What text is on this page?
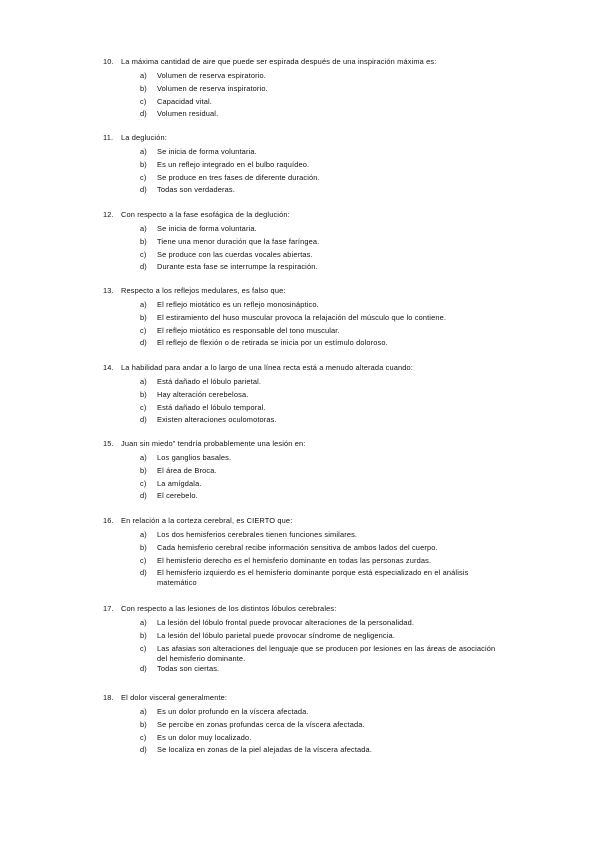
10. La máxima cantidad de aire que puede ser espirada después de una inspiración máxima es:
a)	Volumen de reserva espiratorio.
b)	Volumen de reserva inspiratorio.
c)	Capacidad vital.
d)	Volumen residual.
11.	La deglución:
a)	Se inicia de forma voluntaria.
b)	Es un reflejo integrado en el bulbo raquídeo.
c)	Se produce en tres fases de diferente duración.
d)	Todas son verdaderas.
12. Con respecto a la fase esofágica de la deglución:
a)	Se inicia de forma voluntaria.
b)	Tiene una menor duración que la fase faríngea.
c)	Se produce con las cuerdas vocales abiertas.
d)	Durante esta fase se interrumpe la respiración.
13. Respecto a los reflejos medulares, es falso que:
a)	El reflejo miotático es un reflejo monosináptico.
b)	El estiramiento del huso muscular provoca la relajación del músculo que lo contiene.
c)	El reflejo miotático es responsable del tono muscular.
d)	El reflejo de flexión o de retirada se inicia por un estímulo doloroso.
14. La habilidad para andar a lo largo de una línea recta está a menudo alterada cuando:
a)	Está dañado el lóbulo parietal.
b)	Hay alteración cerebelosa.
c)	Está dañado el lóbulo temporal.
d)	Existen alteraciones oculomotoras.
15. Juan sin miedo” tendría probablemente una lesión en:
a)	Los ganglios basales.
b)	El área de Broca.
c)	La amígdala.
d)	El cerebelo.
16. En relación a la corteza cerebral, es CIERTO que:
a)	Los dos hemisferios cerebrales tienen funciones similares.
b)	Cada hemisferio cerebral recibe información sensitiva de ambos lados del cuerpo.
c)	El hemisferio derecho es el hemisferio dominante en todas las personas zurdas.
d)	El hemisferio izquierdo es el hemisferio dominante porque está especializado en el análisis matemático
17. Con respecto a las lesiones de los distintos lóbulos cerebrales:
a)	La lesión del lóbulo frontal puede provocar alteraciones de la personalidad.
b)	La lesión del lóbulo parietal puede provocar síndrome de negligencia.
c)	Las afasias son alteraciones del lenguaje que se producen por lesiones en las áreas de asociación del hemisferio dominante.
d)	Todas son ciertas.
18. El dolor visceral generalmente:
a)	Es un dolor profundo en la víscera afectada.
b)	Se percibe en zonas profundas cerca de la víscera afectada.
c)	Es un dolor muy localizado.
d)	Se localiza en zonas de la piel alejadas de la víscera afectada.
